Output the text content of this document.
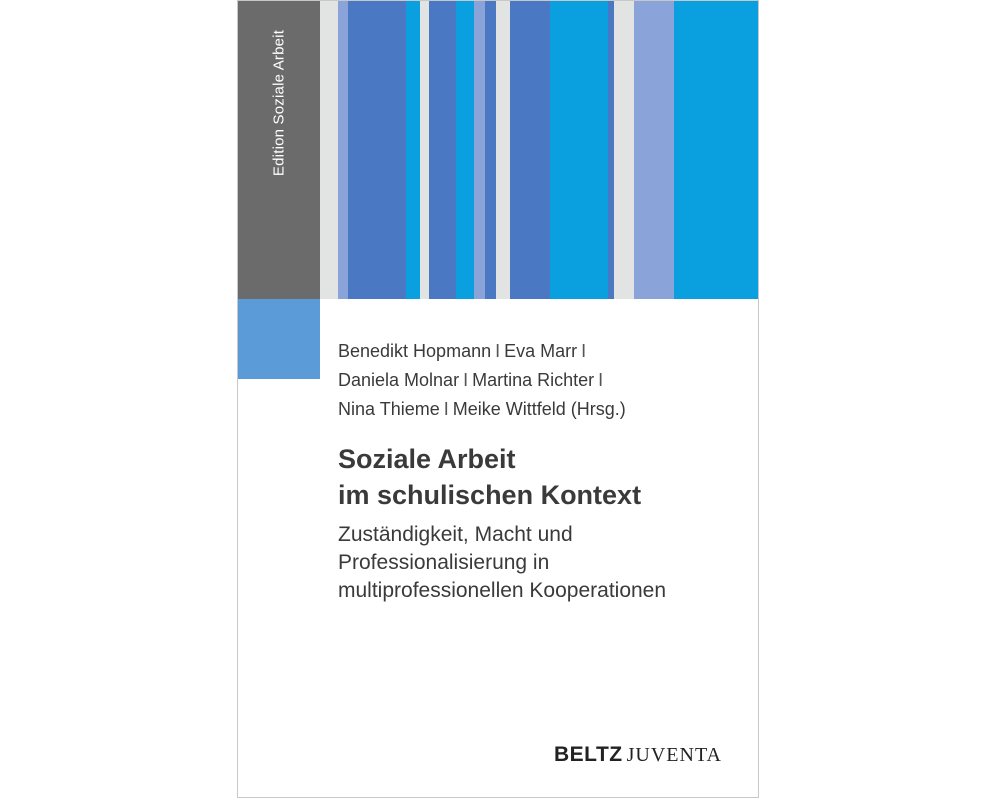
Edition Soziale Arbeit
Benedikt Hopmann I Eva Marr I
Daniela Molnar I Martina Richter I
Nina Thieme I Meike Wittfeld (Hrsg.)
Soziale Arbeit
im schulischen Kontext
Zuständigkeit, Macht und
Professionalisierung in
multiprofessionellen Kooperationen
BELTZ JUVENTA
